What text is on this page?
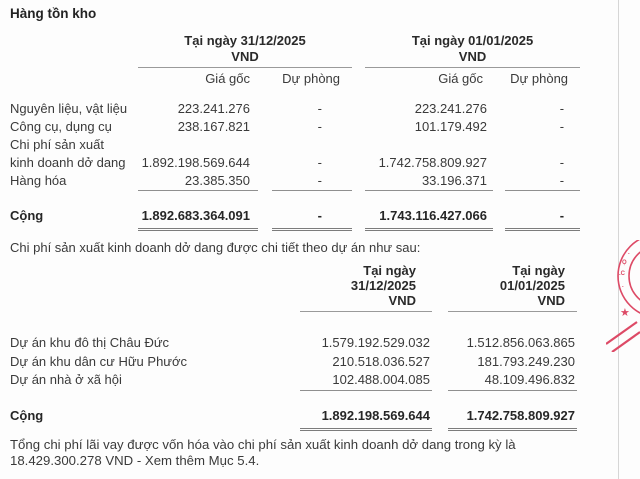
Hàng tồn kho

Tại ngày 31/12/2025
VND

Tại ngày 01/01/2025
VND

	Giá gốc		Dự phòng		Giá gốc		Dự phòng
Nguyên liệu, vật liệu	223.241.276		-		223.241.276		-
Công cụ, dụng cụ	238.167.821		-		101.179.492		-
Chi phí sản xuất kinh doanh dở dang	1.892.198.569.644		-		1.742.758.809.927		-
Hàng hóa	23.385.350		-		33.196.371		-

Cộng	1.892.683.364.091		-		1.743.116.427.066		-
Chi phí sản xuất kinh doanh dở dang được chi tiết theo dự án như sau:

Tại ngày
31/12/2025
VND

Tại ngày
01/01/2025
VND

Dự án khu đô thị Châu Đức	1.579.192.529.032		1.512.856.063.865
Dự án khu dân cư Hữu Phước	210.518.036.527		181.793.249.230
Dự án nhà ở xã hội	102.488.004.085		48.109.496.832

Cộng	1.892.198.569.644		1.742.758.809.927
Tổng chi phí lãi vay được vốn hóa vào chi phí sản xuất kinh doanh dở dang trong kỳ là 18.429.300.278 VND - Xem thêm Mục 5.4.
.
Ọ
.C
.
★
